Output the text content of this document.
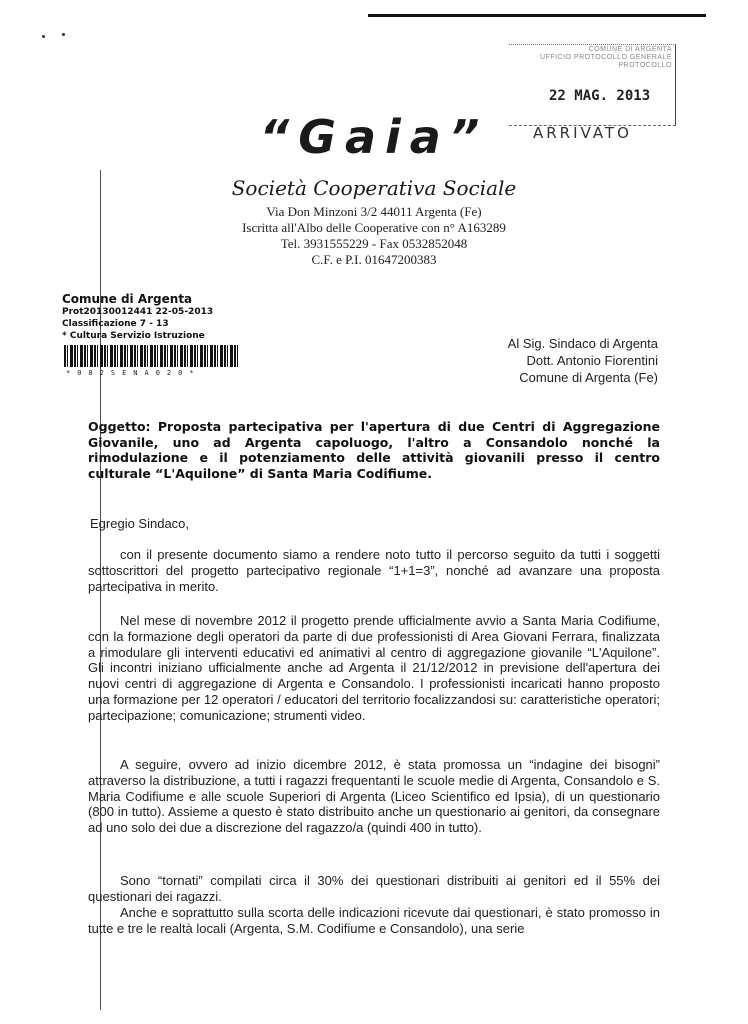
COMUNE DI ARGENTA
UFFICIO PROTOCOLLO GENERALE
PROTOCOLLO
22 MAG. 2013
ARRIVATO
“Gaia”
Società Cooperativa Sociale
Via Don Minzoni 3/2 44011 Argenta (Fe)
Iscritta all'Albo delle Cooperative con n° A163289
Tel. 3931555229 - Fax 0532852048
C.F. e P.I. 01647200383
Comune di Argenta
Prot20130012441 22-05-2013
Classificazione 7 - 13
* Cultura Servizio Istruzione
*082SENA020*
Al Sig. Sindaco di Argenta
Dott. Antonio Fiorentini
Comune di Argenta (Fe)
Oggetto: Proposta partecipativa per l'apertura di due Centri di Aggregazione Giovanile, uno ad Argenta capoluogo, l'altro a Consandolo nonché la rimodulazione e il potenziamento delle attività giovanili presso il centro culturale “L'Aquilone” di Santa Maria Codifiume.
Egregio Sindaco,
con il presente documento siamo a rendere noto tutto il percorso seguito da tutti i soggetti sottoscrittori del progetto partecipativo regionale “1+1=3”, nonché ad avanzare una proposta partecipativa in merito.
Nel mese di novembre 2012 il progetto prende ufficialmente avvio a Santa Maria Codifiume, con la formazione degli operatori da parte di due professionisti di Area Giovani Ferrara, finalizzata a rimodulare gli interventi educativi ed animativi al centro di aggregazione giovanile “L'Aquilone”. Gli incontri iniziano ufficialmente anche ad Argenta il 21/12/2012 in previsione dell'apertura dei nuovi centri di aggregazione di Argenta e Consandolo. I professionisti incaricati hanno proposto una formazione per 12 operatori / educatori del territorio focalizzandosi su: caratteristiche operatori; partecipazione; comunicazione; strumenti video.
A seguire, ovvero ad inizio dicembre 2012, è stata promossa un “indagine dei bisogni” attraverso la distribuzione, a tutti i ragazzi frequentanti le scuole medie di Argenta, Consandolo e S. Maria Codifiume e alle scuole Superiori di Argenta (Liceo Scientifico ed Ipsia), di un questionario (800 in tutto). Assieme a questo è stato distribuito anche un questionario ai genitori, da consegnare ad uno solo dei due a discrezione del ragazzo/a (quindi 400 in tutto).
Sono “tornati” compilati circa il 30% dei questionari distribuiti ai genitori ed il 55% dei questionari dei ragazzi.
Anche e soprattutto sulla scorta delle indicazioni ricevute dai questionari, è stato promosso in tutte e tre le realtà locali (Argenta, S.M. Codifiume e Consandolo), una serie
